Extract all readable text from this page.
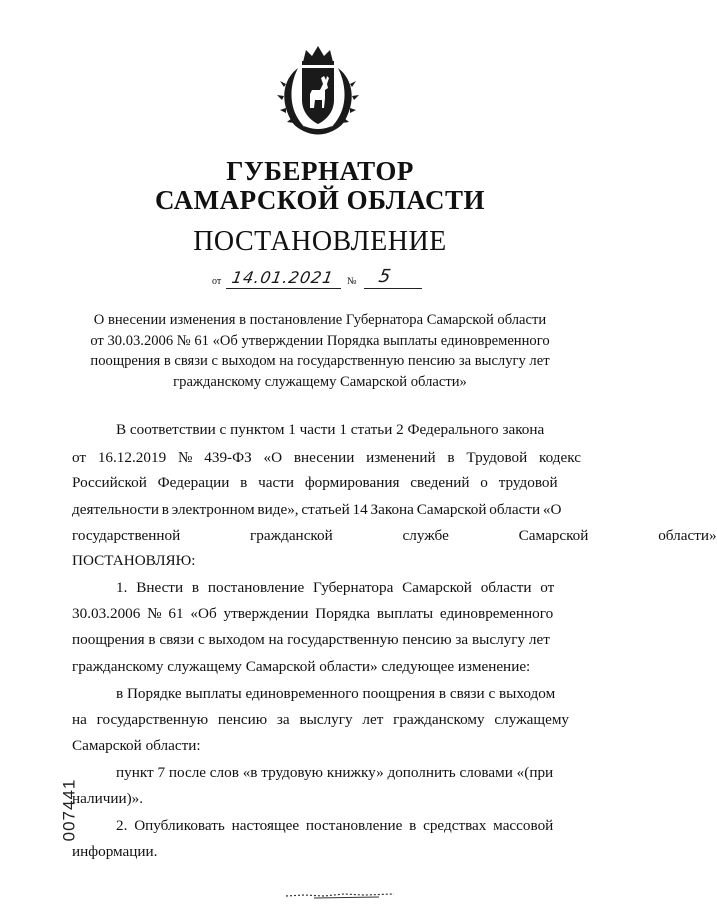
ГУБЕРНАТОР
САМАРСКОЙ ОБЛАСТИ
ПОСТАНОВЛЕНИЕ
от 14.01.2021 № 5
О внесении изменения в постановление Губернатора Самарской области
от 30.03.2006 № 61 «Об утверждении Порядка выплаты единовременного
поощрения в связи с выходом на государственную пенсию за выслугу лет
гражданскому служащему Самарской области»
В соответствии с пунктом 1 части 1 статьи 2 Федерального закона
от 16.12.2019 № 439-ФЗ «О внесении изменений в Трудовой кодекс
Российской Федерации в части формирования сведений о трудовой
деятельности в электронном виде», статьей 14 Закона Самарской области «О
государственной гражданской службе Самарской области»
ПОСТАНОВЛЯЮ:
1. Внести в постановление Губернатора Самарской области от
30.03.2006 № 61 «Об утверждении Порядка выплаты единовременного
поощрения в связи с выходом на государственную пенсию за выслугу лет
гражданскому служащему Самарской области» следующее изменение:
в Порядке выплаты единовременного поощрения в связи с выходом
на государственную пенсию за выслугу лет гражданскому служащему
Самарской области:
пункт 7 после слов «в трудовую книжку» дополнить словами «(при
наличии)».
2. Опубликовать настоящее постановление в средствах массовой
информации.
007441
